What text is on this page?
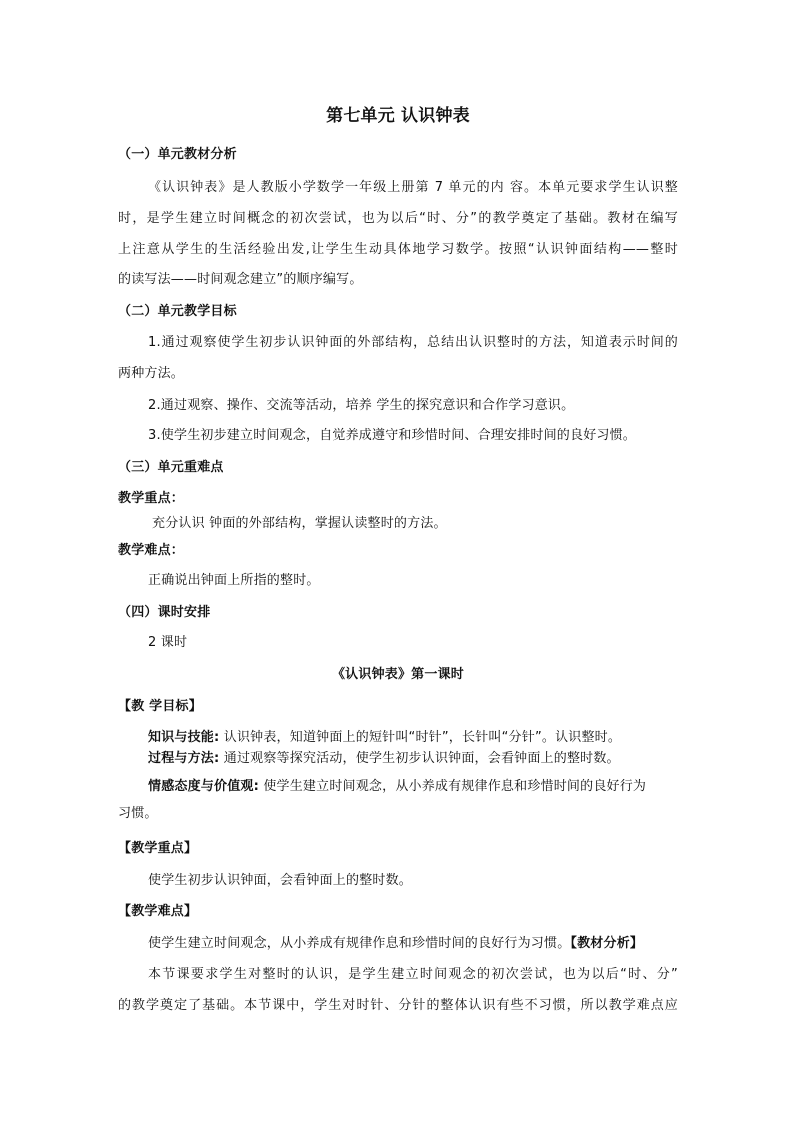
第七单元 认识钟表
（一）单元教材分析
《认识钟表》是人教版小学数学一年级上册第 7 单元的内 容。本单元要求学生认识整
时，是学生建立时间概念的初次尝试，也为以后“时、分”的教学奠定了基础。教材在编写
上注意从学生的生活经验出发,让学生生动具体地学习数学。按照“认识钟面结构——整时
的读写法——时间观念建立”的顺序编写。
（二）单元教学目标
1.通过观察使学生初步认识钟面的外部结构，总结出认识整时的方法，知道表示时间的
两种方法。
2.通过观察、操作、交流等活动，培养 学生的探究意识和合作学习意识。
3.使学生初步建立时间观念，自觉养成遵守和珍惜时间、合理安排时间的良好习惯。
（三）单元重难点
教学重点：
充分认识 钟面的外部结构，掌握认读整时的方法。
教学难点：
正确说出钟面上所指的整时。
（四）课时安排
2 课时
《认识钟表》第一课时
【教 学目标】
知识与技能: 认识钟表，知道钟面上的短针叫“时针”，长针叫“分针”。认识整时。
过程与方法: 通过观察等探究活动，使学生初步认识钟面，会看钟面上的整时数。
情感态度与价值观: 使学生建立时间观念，从小养成有规律作息和珍惜时间的良好行为
习惯。
【教学重点】
使学生初步认识钟面，会看钟面上的整时数。
【教学难点】
使学生建立时间观念，从小养成有规律作息和珍惜时间的良好行为习惯。【教材分析】
本节课要求学生对整时的认识，是学生建立时间观念的初次尝试，也为以后“时、分”
的教学奠定了基础。本节课中，学生对时针、分针的整体认识有些不习惯，所以教学难点应
